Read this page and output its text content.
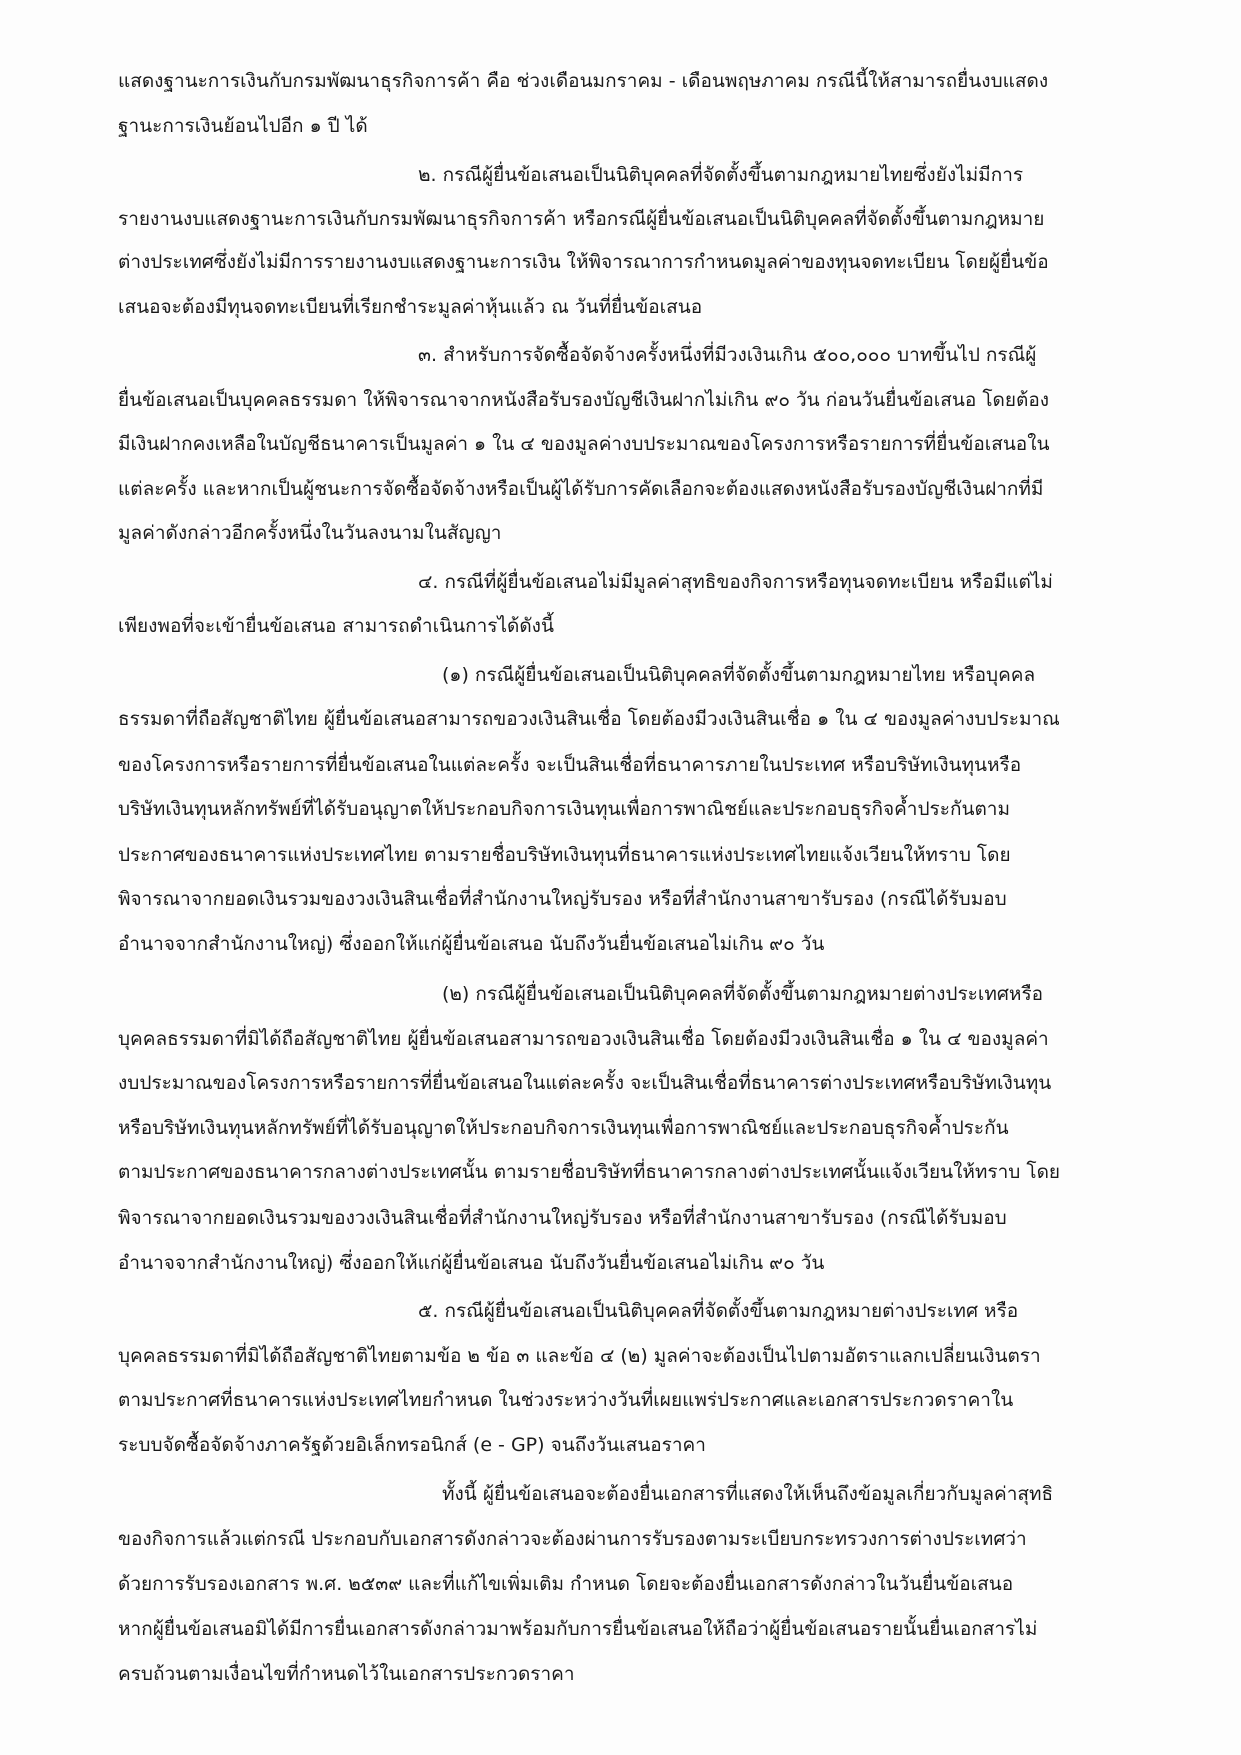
แสดงฐานะการเงินกับกรมพัฒนาธุรกิจการค้า คือ ช่วงเดือนมกราคม - เดือนพฤษภาคม กรณีนี้ให้สามารถยื่นงบแสดง
ฐานะการเงินย้อนไปอีก ๑ ปี ได้
๒. กรณีผู้ยื่นข้อเสนอเป็นนิติบุคคลที่จัดตั้งขึ้นตามกฎหมายไทยซึ่งยังไม่มีการ
รายงานงบแสดงฐานะการเงินกับกรมพัฒนาธุรกิจการค้า หรือกรณีผู้ยื่นข้อเสนอเป็นนิติบุคคลที่จัดตั้งขึ้นตามกฎหมาย
ต่างประเทศซึ่งยังไม่มีการรายงานงบแสดงฐานะการเงิน ให้พิจารณาการกำหนดมูลค่าของทุนจดทะเบียน โดยผู้ยื่นข้อ
เสนอจะต้องมีทุนจดทะเบียนที่เรียกชำระมูลค่าหุ้นแล้ว ณ วันที่ยื่นข้อเสนอ
๓. สำหรับการจัดซื้อจัดจ้างครั้งหนึ่งที่มีวงเงินเกิน ๕๐๐,๐๐๐ บาทขึ้นไป กรณีผู้
ยื่นข้อเสนอเป็นบุคคลธรรมดา ให้พิจารณาจากหนังสือรับรองบัญชีเงินฝากไม่เกิน ๙๐ วัน ก่อนวันยื่นข้อเสนอ โดยต้อง
มีเงินฝากคงเหลือในบัญชีธนาคารเป็นมูลค่า ๑ ใน ๔ ของมูลค่างบประมาณของโครงการหรือรายการที่ยื่นข้อเสนอใน
แต่ละครั้ง และหากเป็นผู้ชนะการจัดซื้อจัดจ้างหรือเป็นผู้ได้รับการคัดเลือกจะต้องแสดงหนังสือรับรองบัญชีเงินฝากที่มี
มูลค่าดังกล่าวอีกครั้งหนึ่งในวันลงนามในสัญญา
๔. กรณีที่ผู้ยื่นข้อเสนอไม่มีมูลค่าสุทธิของกิจการหรือทุนจดทะเบียน หรือมีแต่ไม่
เพียงพอที่จะเข้ายื่นข้อเสนอ สามารถดำเนินการได้ดังนี้
(๑) กรณีผู้ยื่นข้อเสนอเป็นนิติบุคคลที่จัดตั้งขึ้นตามกฎหมายไทย หรือบุคคล
ธรรมดาที่ถือสัญชาติไทย ผู้ยื่นข้อเสนอสามารถขอวงเงินสินเชื่อ โดยต้องมีวงเงินสินเชื่อ ๑ ใน ๔ ของมูลค่างบประมาณ
ของโครงการหรือรายการที่ยื่นข้อเสนอในแต่ละครั้ง จะเป็นสินเชื่อที่ธนาคารภายในประเทศ หรือบริษัทเงินทุนหรือ
บริษัทเงินทุนหลักทรัพย์ที่ได้รับอนุญาตให้ประกอบกิจการเงินทุนเพื่อการพาณิชย์และประกอบธุรกิจค้ำประกันตาม
ประกาศของธนาคารแห่งประเทศไทย ตามรายชื่อบริษัทเงินทุนที่ธนาคารแห่งประเทศไทยแจ้งเวียนให้ทราบ โดย
พิจารณาจากยอดเงินรวมของวงเงินสินเชื่อที่สำนักงานใหญ่รับรอง หรือที่สำนักงานสาขารับรอง (กรณีได้รับมอบ
อำนาจจากสำนักงานใหญ่) ซึ่งออกให้แก่ผู้ยื่นข้อเสนอ นับถึงวันยื่นข้อเสนอไม่เกิน ๙๐ วัน
(๒) กรณีผู้ยื่นข้อเสนอเป็นนิติบุคคลที่จัดตั้งขึ้นตามกฎหมายต่างประเทศหรือ
บุคคลธรรมดาที่มิได้ถือสัญชาติไทย ผู้ยื่นข้อเสนอสามารถขอวงเงินสินเชื่อ โดยต้องมีวงเงินสินเชื่อ ๑ ใน ๔ ของมูลค่า
งบประมาณของโครงการหรือรายการที่ยื่นข้อเสนอในแต่ละครั้ง จะเป็นสินเชื่อที่ธนาคารต่างประเทศหรือบริษัทเงินทุน
หรือบริษัทเงินทุนหลักทรัพย์ที่ได้รับอนุญาตให้ประกอบกิจการเงินทุนเพื่อการพาณิชย์และประกอบธุรกิจค้ำประกัน
ตามประกาศของธนาคารกลางต่างประเทศนั้น ตามรายชื่อบริษัทที่ธนาคารกลางต่างประเทศนั้นแจ้งเวียนให้ทราบ โดย
พิจารณาจากยอดเงินรวมของวงเงินสินเชื่อที่สำนักงานใหญ่รับรอง หรือที่สำนักงานสาขารับรอง (กรณีได้รับมอบ
อำนาจจากสำนักงานใหญ่) ซึ่งออกให้แก่ผู้ยื่นข้อเสนอ นับถึงวันยื่นข้อเสนอไม่เกิน ๙๐ วัน
๕. กรณีผู้ยื่นข้อเสนอเป็นนิติบุคคลที่จัดตั้งขึ้นตามกฎหมายต่างประเทศ หรือ
บุคคลธรรมดาที่มิได้ถือสัญชาติไทยตามข้อ ๒ ข้อ ๓ และข้อ ๔ (๒) มูลค่าจะต้องเป็นไปตามอัตราแลกเปลี่ยนเงินตรา
ตามประกาศที่ธนาคารแห่งประเทศไทยกำหนด ในช่วงระหว่างวันที่เผยแพร่ประกาศและเอกสารประกวดราคาใน
ระบบจัดซื้อจัดจ้างภาครัฐด้วยอิเล็กทรอนิกส์ (e - GP) จนถึงวันเสนอราคา
ทั้งนี้ ผู้ยื่นข้อเสนอจะต้องยื่นเอกสารที่แสดงให้เห็นถึงข้อมูลเกี่ยวกับมูลค่าสุทธิ
ของกิจการแล้วแต่กรณี ประกอบกับเอกสารดังกล่าวจะต้องผ่านการรับรองตามระเบียบกระทรวงการต่างประเทศว่า
ด้วยการรับรองเอกสาร พ.ศ. ๒๕๓๙ และที่แก้ไขเพิ่มเติม กำหนด โดยจะต้องยื่นเอกสารดังกล่าวในวันยื่นข้อเสนอ
หากผู้ยื่นข้อเสนอมิได้มีการยื่นเอกสารดังกล่าวมาพร้อมกับการยื่นข้อเสนอให้ถือว่าผู้ยื่นข้อเสนอรายนั้นยื่นเอกสารไม่
ครบถ้วนตามเงื่อนไขที่กำหนดไว้ในเอกสารประกวดราคา
